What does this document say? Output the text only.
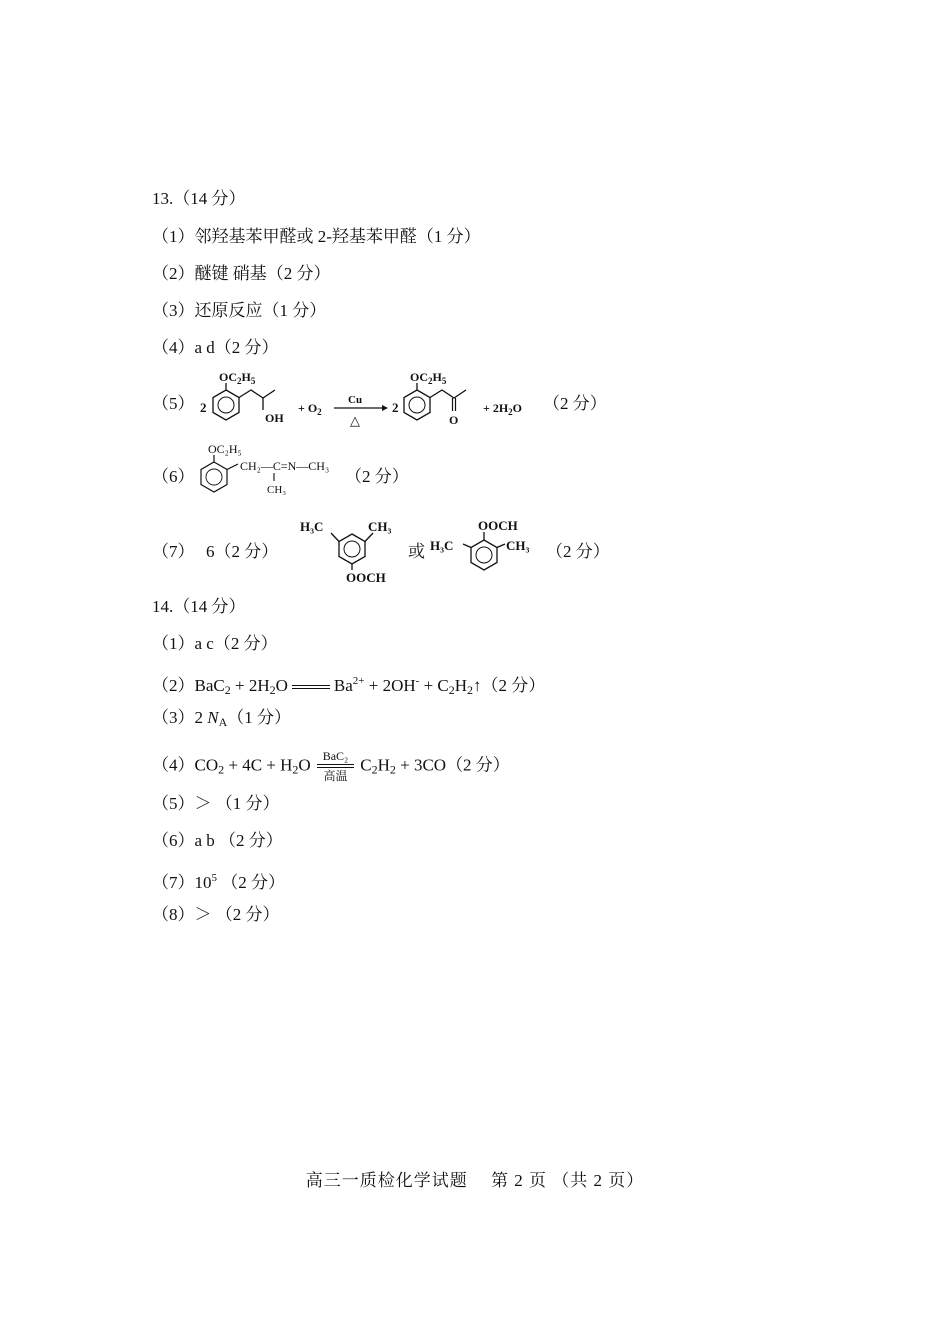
13.（14 分）
（1）邻羟基苯甲醛或 2-羟基苯甲醛（1 分）
（2）醚键 硝基（2 分）
（3）还原反应（1 分）
（4）a d（2 分）
（5） 2
$OC_2H_5$
OH
+ $O_2$
Cu
△
2
$OC_2H_5$
O
+ $2H_2O$ （2 分）
（6）
OC₂H₅
CH₂—C=N—CH₃
CH₃
（2 分）
（7） 6（2 分）
H₃C	CH₃
OOCH
或
OOCH
H₃C	CH₃ （2 分）
14.（14 分）
（1）a c（2 分）
$(2)BaC_2 + 2H_2O$	$Ba^{2+} + 2OH^-$ + $C_2H_2↑(2$ 分）
（3）2 $N_A(1$ 分）
$(4)CO_2 + 4C + H_2O \frac{\text{BaC₂}}{\text{高温}} C_2H_2 + 3CO(2$ 分）
（5）＞ （1 分）
（6）a b （2 分）
$(7)10^5$ （2 分）
（8）＞ （2 分）
高三一质检化学试题　 第 2 页 （共 2 页）
